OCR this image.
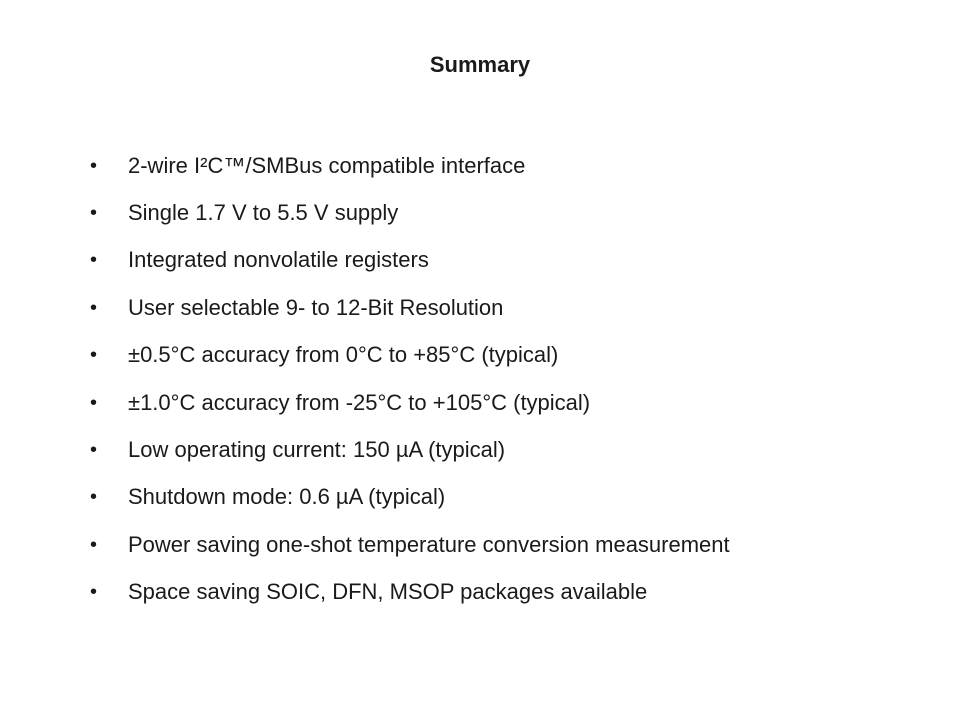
Summary
•	2-wire I²C™/SMBus compatible interface
•	Single 1.7 V to 5.5 V supply
•	Integrated nonvolatile registers
•	User selectable 9- to 12-Bit Resolution
•	±0.5°C accuracy from 0°C to +85°C (typical)
•	±1.0°C accuracy from -25°C to +105°C (typical)
•	Low operating current: 150 µA (typical)
•	Shutdown mode: 0.6 µA (typical)
•	Power saving one-shot temperature conversion measurement
•	Space saving SOIC, DFN, MSOP packages available
